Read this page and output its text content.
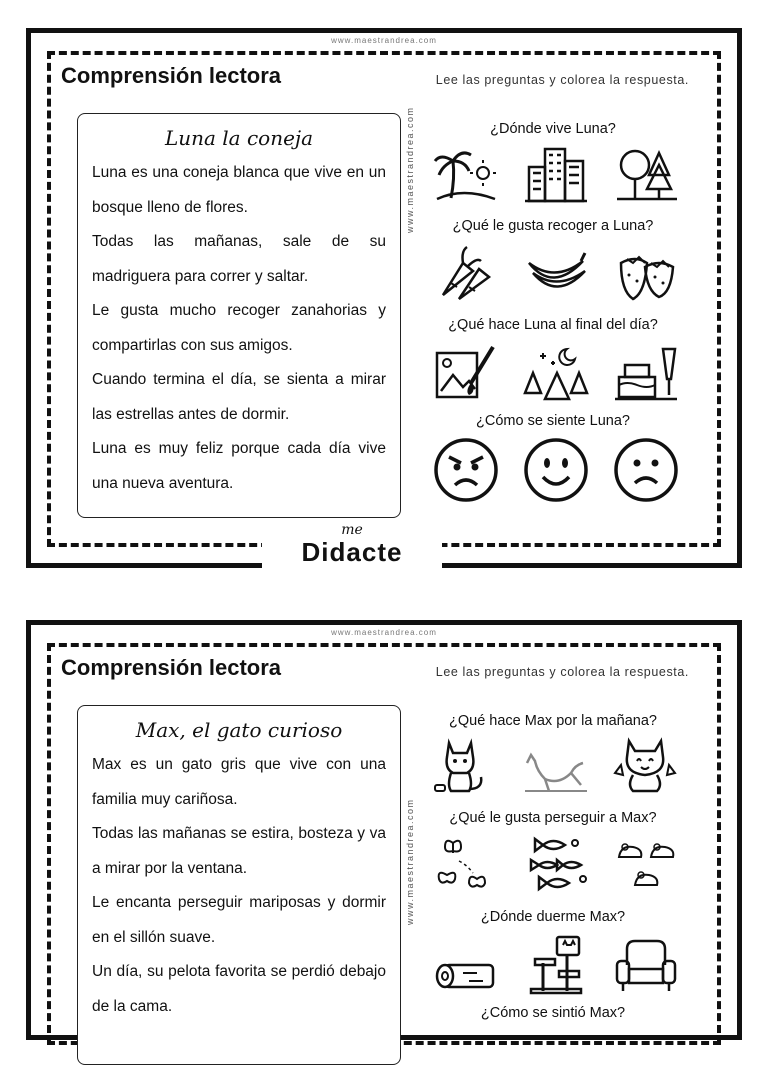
www.maestrandrea.com
Comprensión lectora	Lee las preguntas y colorea la respuesta.
Luna la coneja

Luna es una coneja blanca que vive en un bosque lleno de flores.

Todas las mañanas, sale de su madriguera para correr y saltar.

Le gusta mucho recoger zanahorias y compartirlas con sus amigos.

Cuando termina el día, se sienta a mirar las estrellas antes de dormir.

Luna es muy feliz porque cada día vive una nueva aventura.

www.maestrandrea.com	¿Dónde vive Luna?
¿Qué le gusta recoger a Luna?
¿Qué hace Luna al final del día?
¿Cómo se siente Luna?
me
Didacte
www.maestrandrea.com
Comprensión lectora	Lee las preguntas y colorea la respuesta.
Max, el gato curioso

Max es un gato gris que vive con una familia muy cariñosa.

Todas las mañanas se estira, bosteza y va a mirar por la ventana.

Le encanta perseguir mariposas y dormir en el sillón suave.

Un día, su pelota favorita se perdió debajo de la cama.

www.maestrandrea.com
¿Qué hace Max por la mañana?
¿Qué le gusta perseguir a Max?
¿Dónde duerme Max?
¿Cómo se sintió Max?
